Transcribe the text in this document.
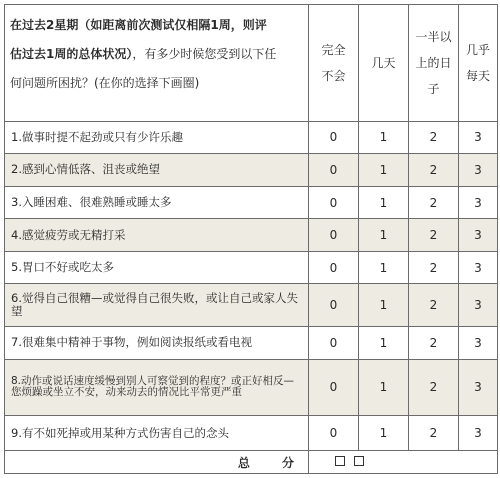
在过去2星期（如距离前次测试仅相隔1周，则评
估过去1周的总体状况），有多少时候您受到以下任
何问题所困扰？(在你的选择下画圈)	完全
不会	几天	一半以
上的日
子	几乎
每天

1.做事时提不起劲或只有少许乐趣	0	1	2	3
2.感到心情低落、沮丧或绝望	0	1	2	3
3.入睡困难、很难熟睡或睡太多	0	1	2	3
4.感觉疲劳或无精打采	0	1	2	3
5.胃口不好或吃太多	0	1	2	3
6.觉得自己很糟—或觉得自己很失败，或让自己或家人失望	0	1	2	3
7.很难集中精神于事物，例如阅读报纸或看电视	0	1	2	3
8.动作或说话速度缓慢到别人可察觉到的程度？或正好相反—您烦躁或坐立不安，动来动去的情况比平常更严重	0	1	2	3
9.有不如死掉或用某种方式伤害自己的念头	0	1	2	3
总 分				
